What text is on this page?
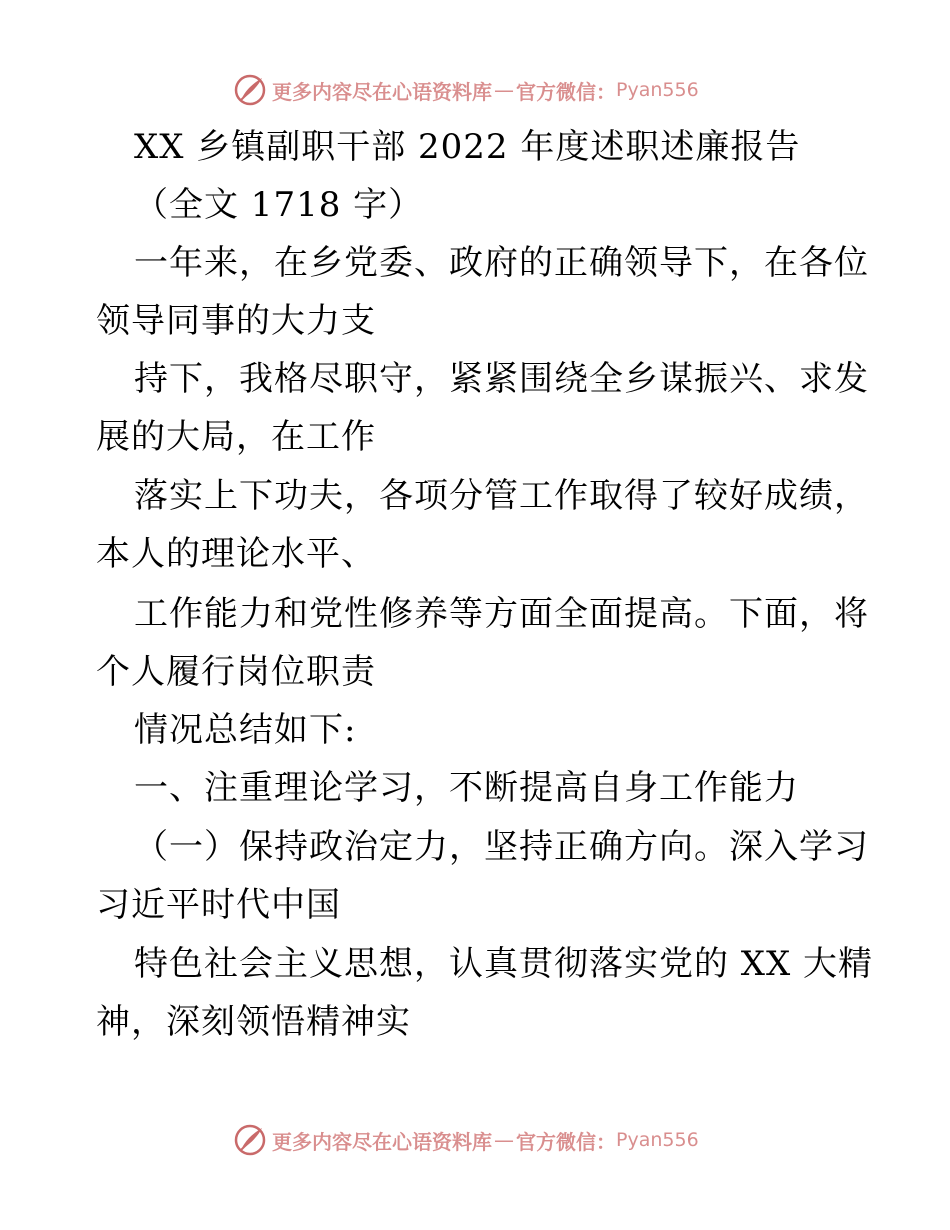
更多内容尽在心语资料库 — 官方微信： Pyan556
XX 乡镇副职干部 2022 年度述职述廉报告
（全文 1718 字）
一年来，在乡党委、政府的正确领导下，在各位
领导同事的大力支
持下，我格尽职守，紧紧围绕全乡谋振兴、求发
展的大局，在工作
落实上下功夫，各项分管工作取得了较好成绩，
本人的理论水平、
工作能力和党性修养等方面全面提高。下面，将
个人履行岗位职责
情况总结如下:
一、注重理论学习，不断提高自身工作能力
（一）保持政治定力，坚持正确方向。深入学习
习近平时代中国
特色社会主义思想，认真贯彻落实党的 XX 大精
神，深刻领悟精神实
更多内容尽在心语资料库 — 官方微信： Pyan556
